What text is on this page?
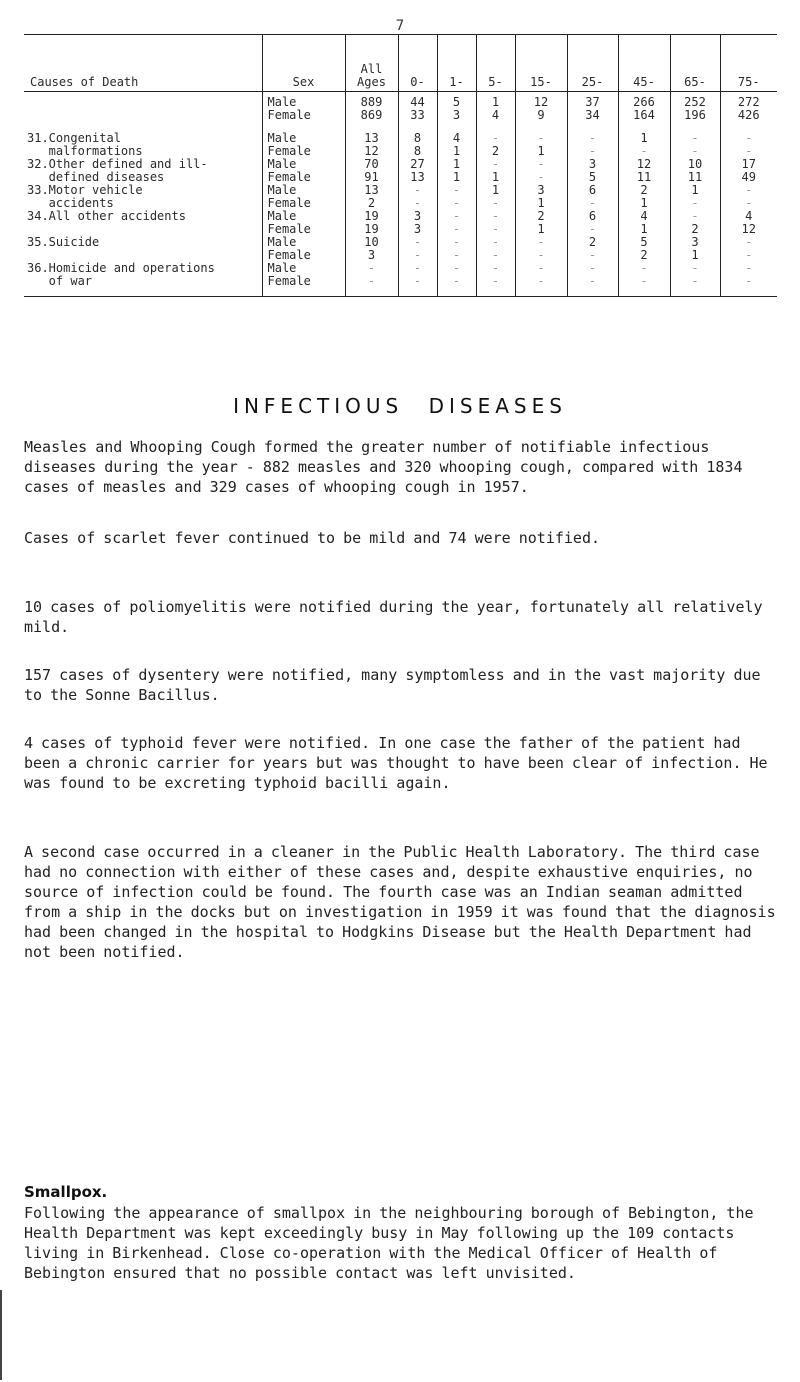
7
Causes of Death	Sex	All Ages	0-	1-	5-	15-	25-	45-	65-	75-
	Male	889	44	5	1	12	37	266	252	272
	Female	869	33	3	4	9	34	164	196	426
31.Congenital	Male	13	8	4	-	-	-	1	-	-
malformations	Female	12	8	1	2	1	-	-	-	-
32.Other defined and ill-	Male	70	27	1	-	-	3	12	10	17
defined diseases	Female	91	13	1	1	-	5	11	11	49
33.Motor vehicle	Male	13	-	-	1	3	6	2	1	-
accidents	Female	2	-	-	-	1	-	1	-	-
34.All other accidents	Male	19	3	-	-	2	6	4	-	4
	Female	19	3	-	-	1	-	1	2	12
35.Suicide	Male	10	-	-	-	-	2	5	3	-
	Female	3	-	-	-	-	-	2	1	-
36.Homicide and operations	Male	-	-	-	-	-	-	-	-	-
of war	Female	-	-	-	-	-	-	-	-	-
INFECTIOUS DISEASES

Measles and Whooping Cough formed the greater number of notifiable infectious diseases during the year - 882 measles and 320 whooping cough, compared with 1834 cases of measles and 329 cases of whooping cough in 1957.

Cases of scarlet fever continued to be mild and 74 were notified.

10 cases of poliomyelitis were notified during the year, fortunately all relatively mild.

157 cases of dysentery were notified, many symptomless and in the vast majority due to the Sonne Bacillus.

4 cases of typhoid fever were notified. In one case the father of the patient had been a chronic carrier for years but was thought to have been clear of infection. He was found to be excreting typhoid bacilli again.

A second case occurred in a cleaner in the Public Health Laboratory. The third case had no connection with either of these cases and, despite exhaustive enquiries, no source of infection could be found. The fourth case was an Indian seaman admitted from a ship in the docks but on investigation in 1959 it was found that the diagnosis had been changed in the hospital to Hodgkins Disease but the Health Department had not been notified.

Smallpox.

Following the appearance of smallpox in the neighbouring borough of Bebington, the Health Department was kept exceedingly busy in May following up the 109 contacts living in Birkenhead. Close co-operation with the Medical Officer of Health of Bebington ensured that no possible contact was left unvisited.
